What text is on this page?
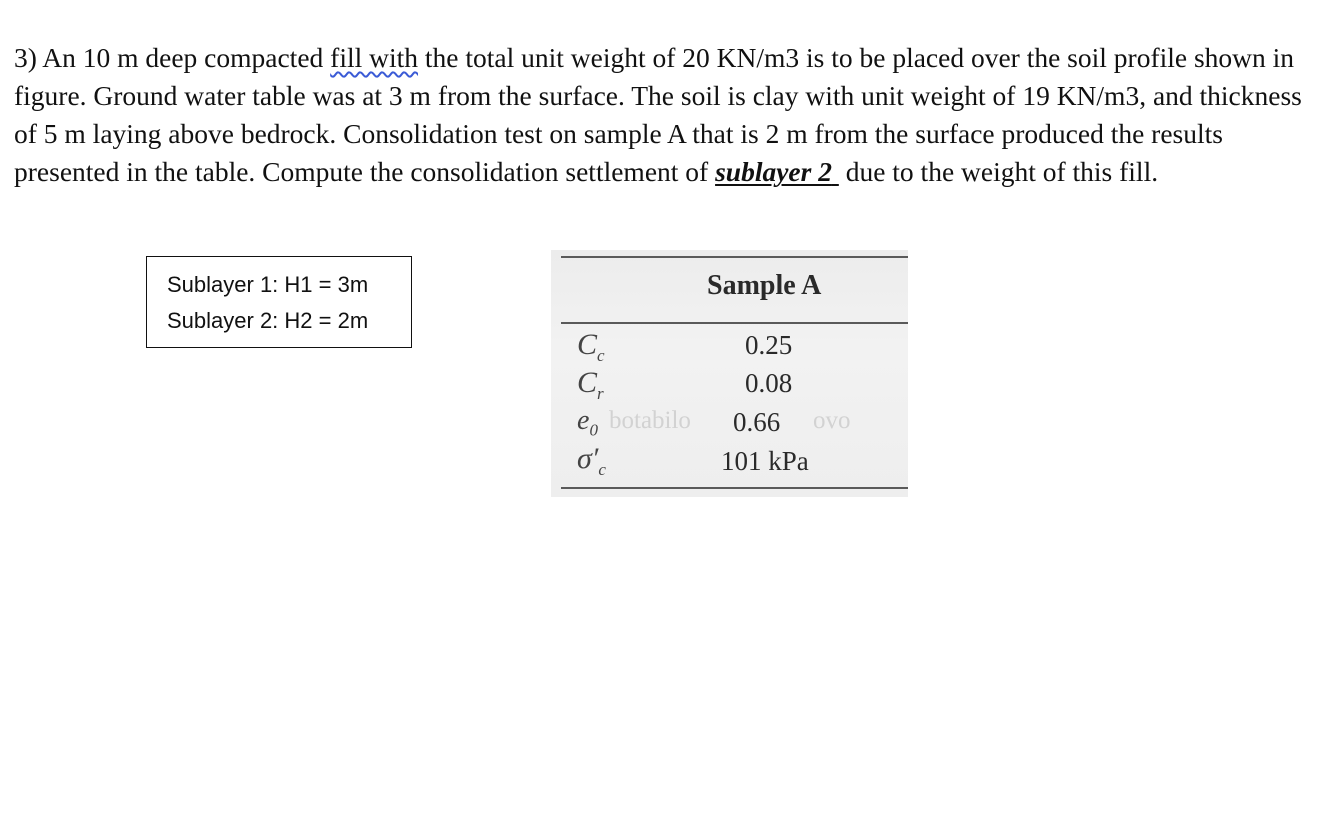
3) An 10 m deep compacted fill with the total unit weight of 20 KN/m3 is to be placed over the soil profile shown in figure. Ground water table was at 3 m from the surface. The soil is clay with unit weight of 19 KN/m3, and thickness of 5 m laying above bedrock. Consolidation test on sample A that is 2 m from the surface produced the results presented in the table. Compute the consolidation settlement of sublayer 2  due to the weight of this fill.

Sublayer 1: H1 = 3m
Sublayer 2: H2 = 2m
Sample A
$C_c$	0.25
$C_r$	0.08
$e_0$ botabilo 0.66 ovo
$\sigma'_c$	101 kPa
